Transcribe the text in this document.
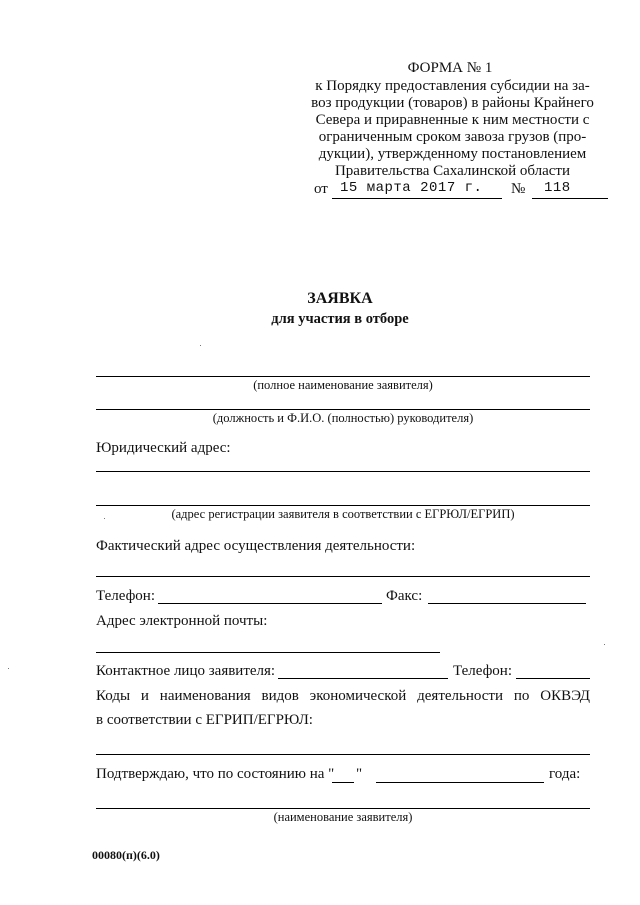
ФОРМА № 1
к Порядку предоставления субсидии на за-
воз продукции (товаров) в районы Крайнего
Севера и приравненные к ним местности с
ограниченным сроком завоза грузов (про-
дукции), утвержденному постановлением
Правительства Сахалинской области
от 15 марта 2017 г. № 118
ЗАЯВКА
для участия в отборе
(полное наименование заявителя)
(должность и Ф.И.О. (полностью) руководителя)
Юридический адрес:
(адрес регистрации заявителя в соответствии с ЕГРЮЛ/ЕГРИП)
Фактический адрес осуществления деятельности:
Телефон:	Факс:
Адрес электронной почты:
Контактное лицо заявителя:	Телефон:
Коды и наименования видов экономической деятельности по ОКВЭД
в соответствии с ЕГРИП/ЕГРЮЛ:
Подтверждаю, что по состоянию на " "	года:
(наименование заявителя)
00080(п)(6.0)
